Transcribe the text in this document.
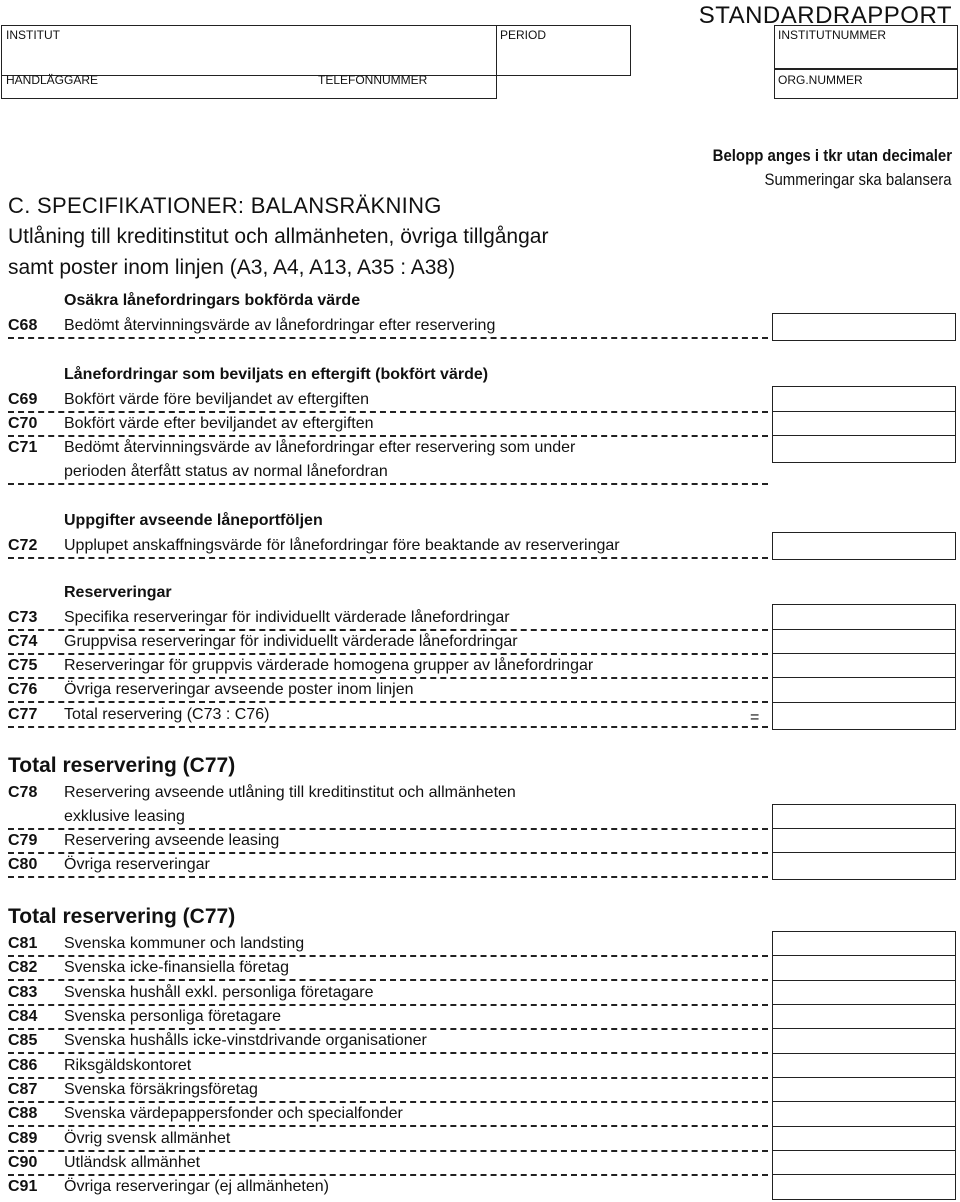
STANDARDRAPPORT
INSTITUT	PERIOD	INSTITUTNUMMER
HANDLÄGGARE	TELEFONNUMMER	ORG.NUMMER
Belopp anges i tkr utan decimaler
Summeringar ska balansera
C. SPECIFIKATIONER: BALANSRÄKNING
Utlåning till kreditinstitut och allmänheten, övriga tillgångar
samt poster inom linjen (A3, A4, A13, A35 : A38)
Osäkra lånefordringars bokförda värde
C68 Bedömt återvinningsvärde av lånefordringar efter reservering
Lånefordringar som beviljats en eftergift (bokfört värde)
C69 Bokfört värde före beviljandet av eftergiften
C70 Bokfört värde efter beviljandet av eftergiften
C71 Bedömt återvinningsvärde av lånefordringar efter reservering som under
perioden återfått status av normal lånefordran
Uppgifter avseende låneportföljen
C72 Upplupet anskaffningsvärde för lånefordringar före beaktande av reserveringar
Reserveringar
C73 Specifika reserveringar för individuellt värderade lånefordringar
C74 Gruppvisa reserveringar för individuellt värderade lånefordringar
C75 Reserveringar för gruppvis värderade homogena grupper av lånefordringar
C76 Övriga reserveringar avseende poster inom linjen
C77 Total reservering (C73 : C76)	=
Total reservering (C77)
C78 Reservering avseende utlåning till kreditinstitut och allmänheten
exklusive leasing
C79 Reservering avseende leasing
C80 Övriga reserveringar
Total reservering (C77)
C81 Svenska kommuner och landsting
C82 Svenska icke-finansiella företag
C83 Svenska hushåll exkl. personliga företagare
C84 Svenska personliga företagare
C85 Svenska hushålls icke-vinstdrivande organisationer
C86 Riksgäldskontoret
C87 Svenska försäkringsföretag
C88 Svenska värdepappersfonder och specialfonder
C89 Övrig svensk allmänhet
C90 Utländsk allmänhet
C91 Övriga reserveringar (ej allmänheten)
